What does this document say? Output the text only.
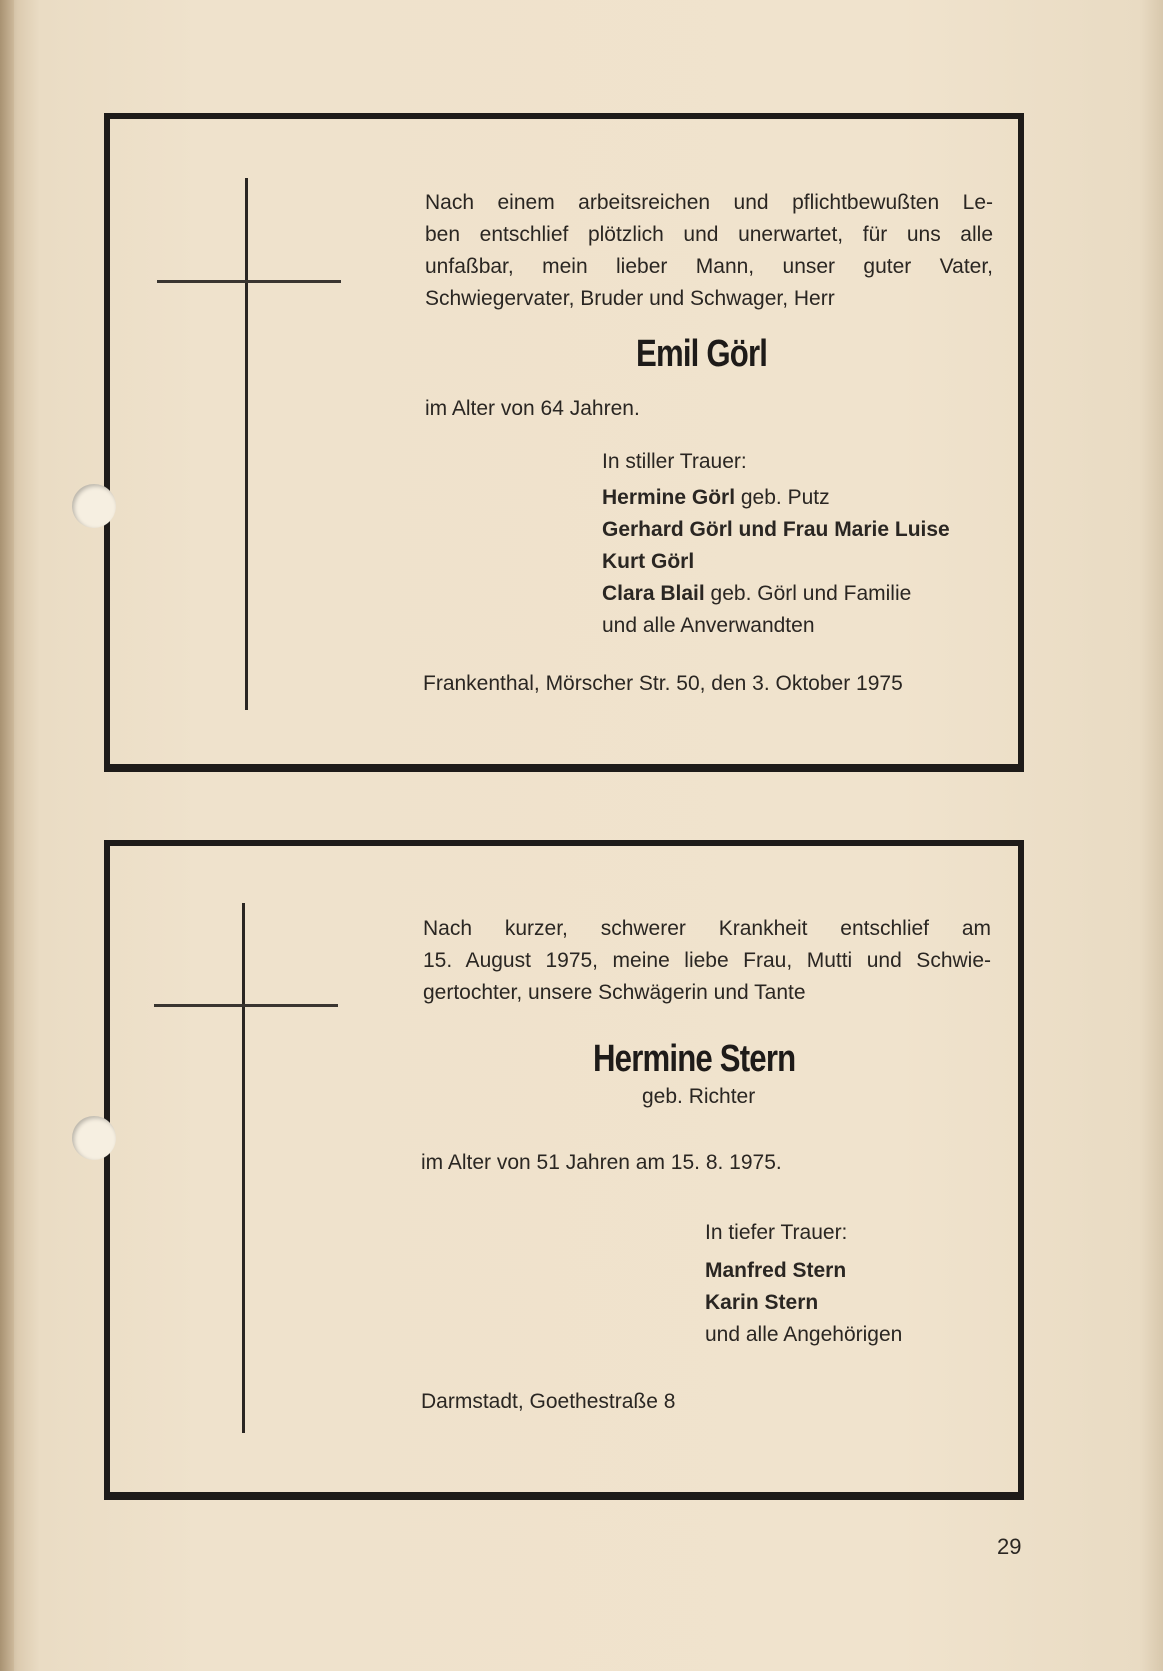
Nach einem arbeitsreichen und pflichtbewußten Le-
ben entschlief plötzlich und unerwartet, für uns alle
unfaßbar, mein lieber Mann, unser guter Vater,
Schwiegervater, Bruder und Schwager, Herr
Emil Görl
im Alter von 64 Jahren.
In stiller Trauer:
Hermine Görl geb. Putz
Gerhard Görl und Frau Marie Luise
Kurt Görl
Clara Blail geb. Görl und Familie
und alle Anverwandten
Frankenthal, Mörscher Str. 50, den 3. Oktober 1975
Nach kurzer, schwerer Krankheit entschlief am
15. August 1975, meine liebe Frau, Mutti und Schwie-
gertochter, unsere Schwägerin und Tante
Hermine Stern
geb. Richter
im Alter von 51 Jahren am 15. 8. 1975.
In tiefer Trauer:
Manfred Stern
Karin Stern
und alle Angehörigen
Darmstadt, Goethestraße 8
29
